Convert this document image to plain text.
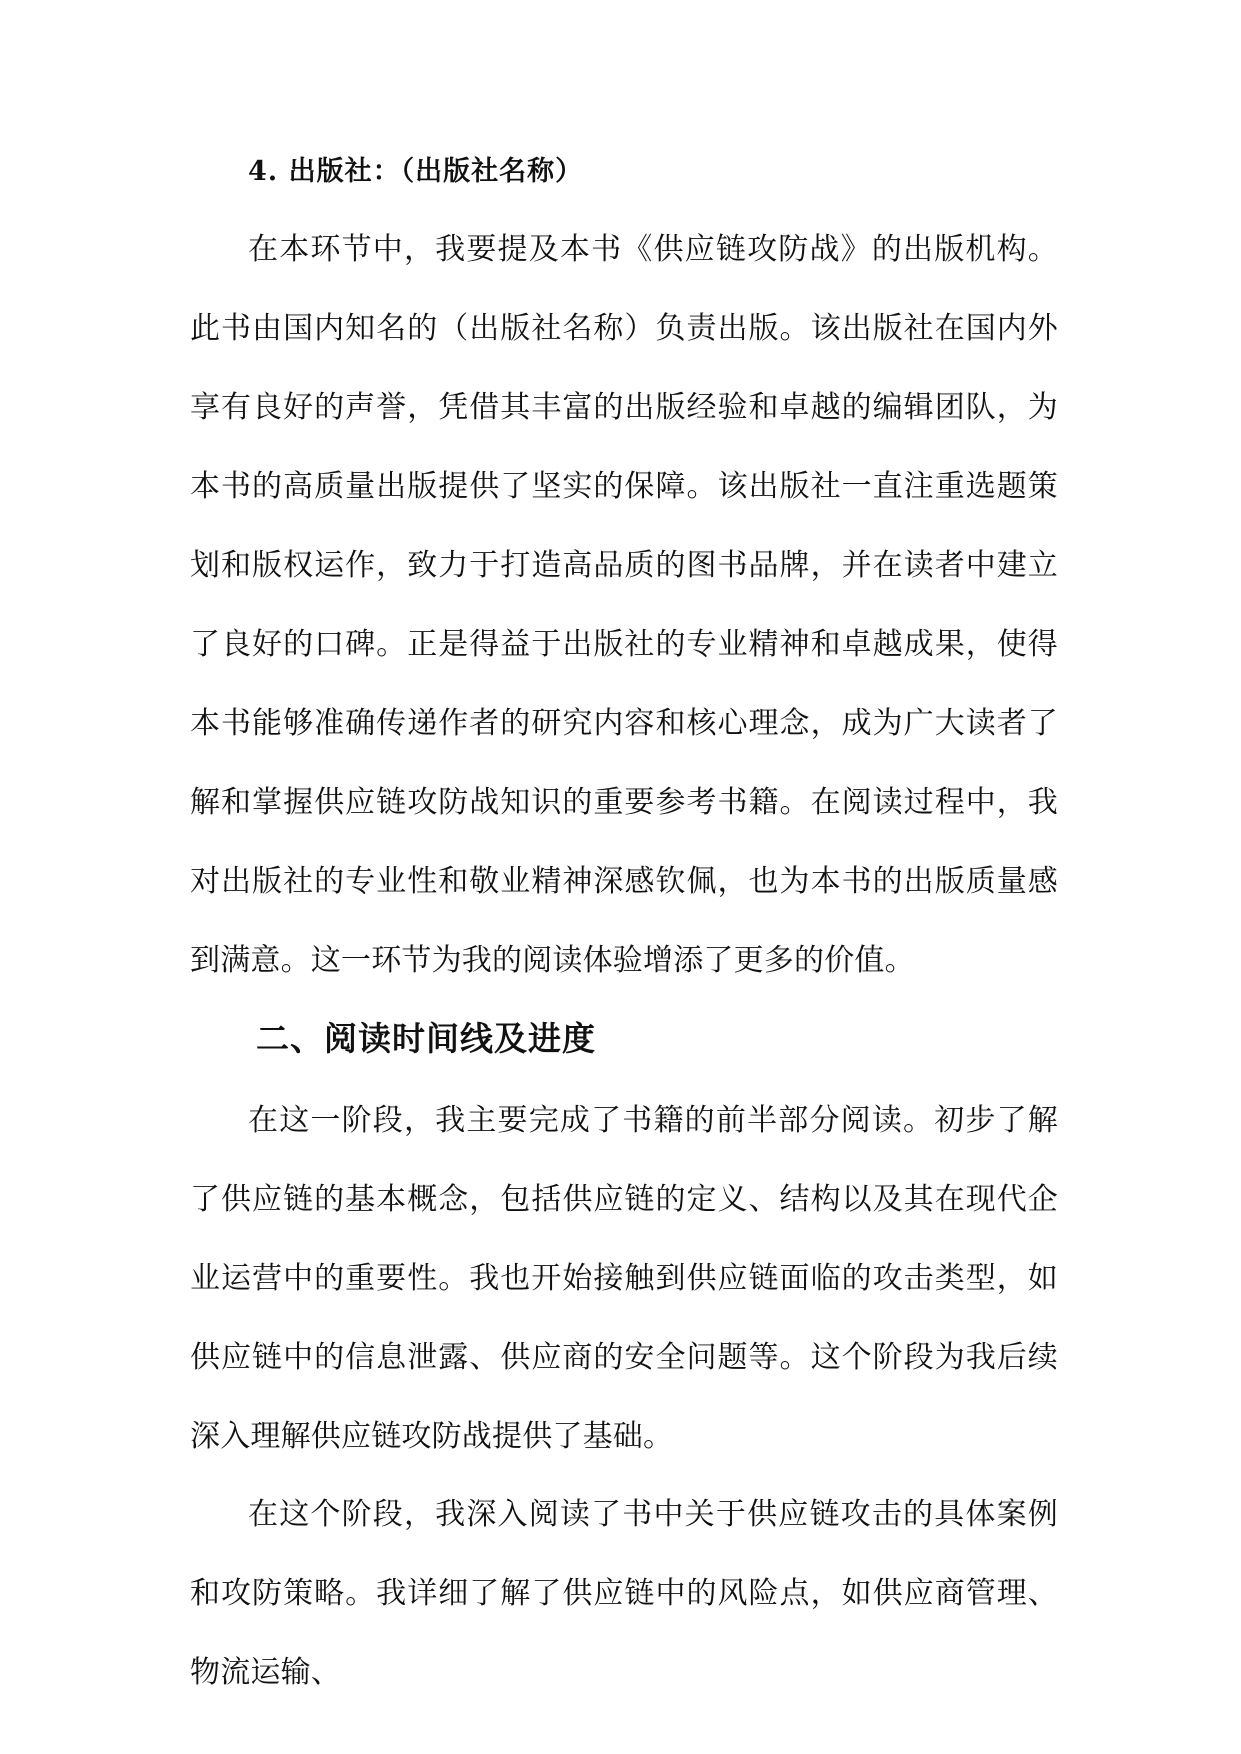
4. 出版社：（出版社名称）

在本环节中，我要提及本书《供应链攻防战》的出版机构。此书由国内知名的（出版社名称）负责出版。该出版社在国内外享有良好的声誉，凭借其丰富的出版经验和卓越的编辑团队，为本书的高质量出版提供了坚实的保障。该出版社一直注重选题策划和版权运作，致力于打造高品质的图书品牌，并在读者中建立了良好的口碑。正是得益于出版社的专业精神和卓越成果，使得本书能够准确传递作者的研究内容和核心理念，成为广大读者了解和掌握供应链攻防战知识的重要参考书籍。在阅读过程中，我对出版社的专业性和敬业精神深感钦佩，也为本书的出版质量感到满意。这一环节为我的阅读体验增添了更多的价值。

二、阅读时间线及进度

在这一阶段，我主要完成了书籍的前半部分阅读。初步了解了供应链的基本概念，包括供应链的定义、结构以及其在现代企业运营中的重要性。我也开始接触到供应链面临的攻击类型，如供应链中的信息泄露、供应商的安全问题等。这个阶段为我后续深入理解供应链攻防战提供了基础。

在这个阶段，我深入阅读了书中关于供应链攻击的具体案例和攻防策略。我详细了解了供应链中的风险点，如供应商管理、物流运输、
